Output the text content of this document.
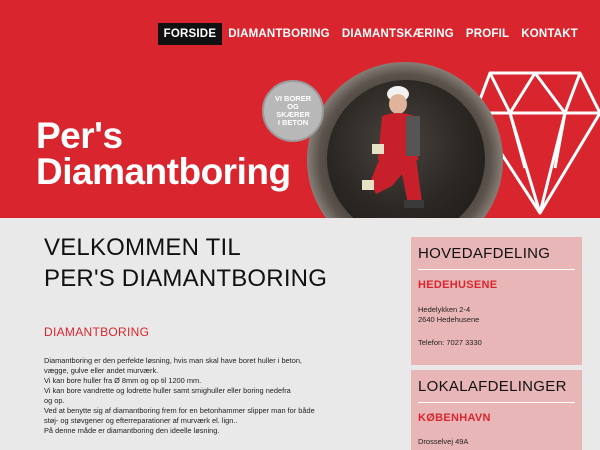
FORSIDE	DIAMANTBORING	DIAMANTSKÆRING	PROFIL	KONTAKT
Per's
Diamantboring
VI BORER
OG
SKÆRER
I BETON
VELKOMMEN TIL
PER'S DIAMANTBORING
DIAMANTBORING
Diamantboring er den perfekte løsning, hvis man skal have boret huller i beton,
vægge, gulve eller andet murværk.
Vi kan bore huller fra Ø 8mm og op til 1200 mm.
Vi kan bore vandrette og lodrette huller samt smighuller eller boring nedefra
og op.
Ved at benytte sig af diamantboring frem for en betonhammer slipper man for både
støj- og støvgener og efterreparationer af murværk el. lign..
På denne måde er diamantboring den ideelle løsning.
HOVEDAFDELING
HEDEHUSENE
Hedelykken 2-4
2640 Hedehusene
Telefon: 7027 3330
LOKALAFDELINGER
KØBENHAVN
Drosselvej 49A
